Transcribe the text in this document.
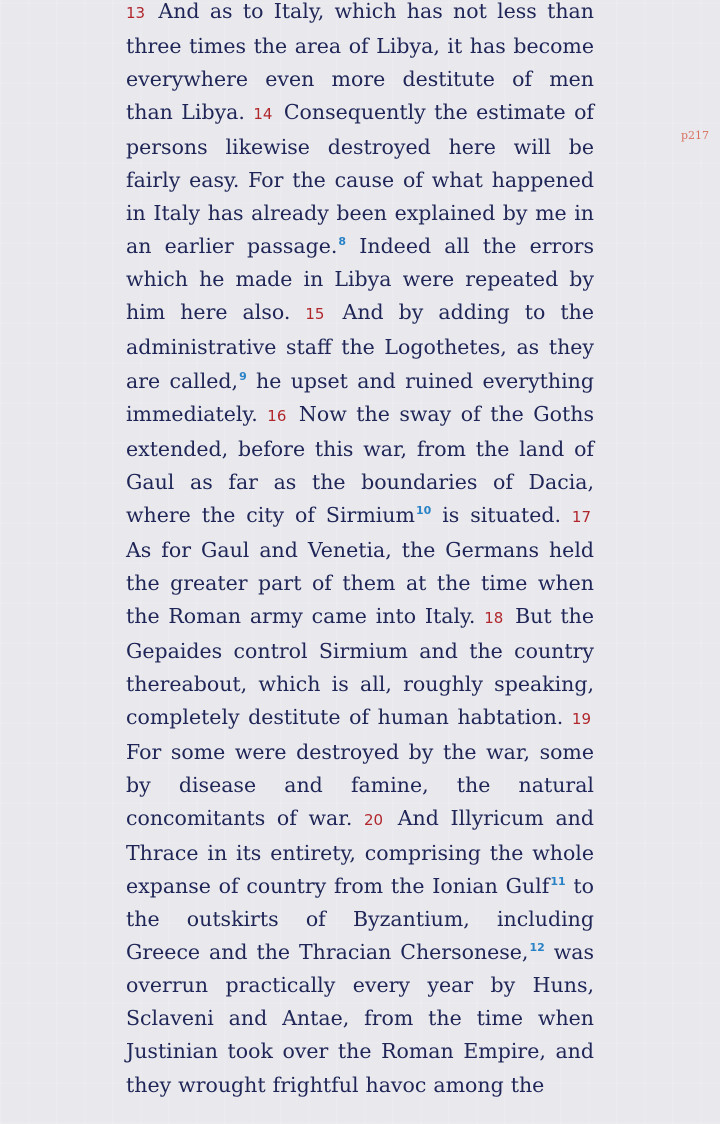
13 And as to Italy, which has not less than three times the area of Libya, it has become everywhere even more destitute of men than Libya. 14 Consequently the estimate of persons likewise destroyed here will be fairly easy. For the cause of what happened in Italy has already been explained by me in an earlier passage.$^8$ Indeed all the errors which he made in Libya were repeated by him here also. 15 And by adding to the administrative staff the Logothetes, as they are called,$^9$ he upset and ruined everything immediately. 16 Now the sway of the Goths extended, before this war, from the land of Gaul as far as the boundaries of Dacia, where the city of Sirmium$^{10}$ is situated. 17 As for Gaul and Venetia, the Germans held the greater part of them at the time when the Roman army came into Italy. 18 But the Gepaides control Sirmium and the country thereabout, which is all, roughly speaking, completely destitute of human habtation. 19 For some were destroyed by the war, some by disease and famine, the natural concomitants of war. 20 And Illyricum and Thrace in its entirety, comprising the whole expanse of country from the Ionian Gulf$^{11}$ to the outskirts of Byzantium, including Greece and the Thracian Chersonese,$^{12}$ was overrun practically every year by Huns, Sclaveni and Antae, from the time when Justinian took over the Roman Empire, and they wrought frightful havoc among the
p217
